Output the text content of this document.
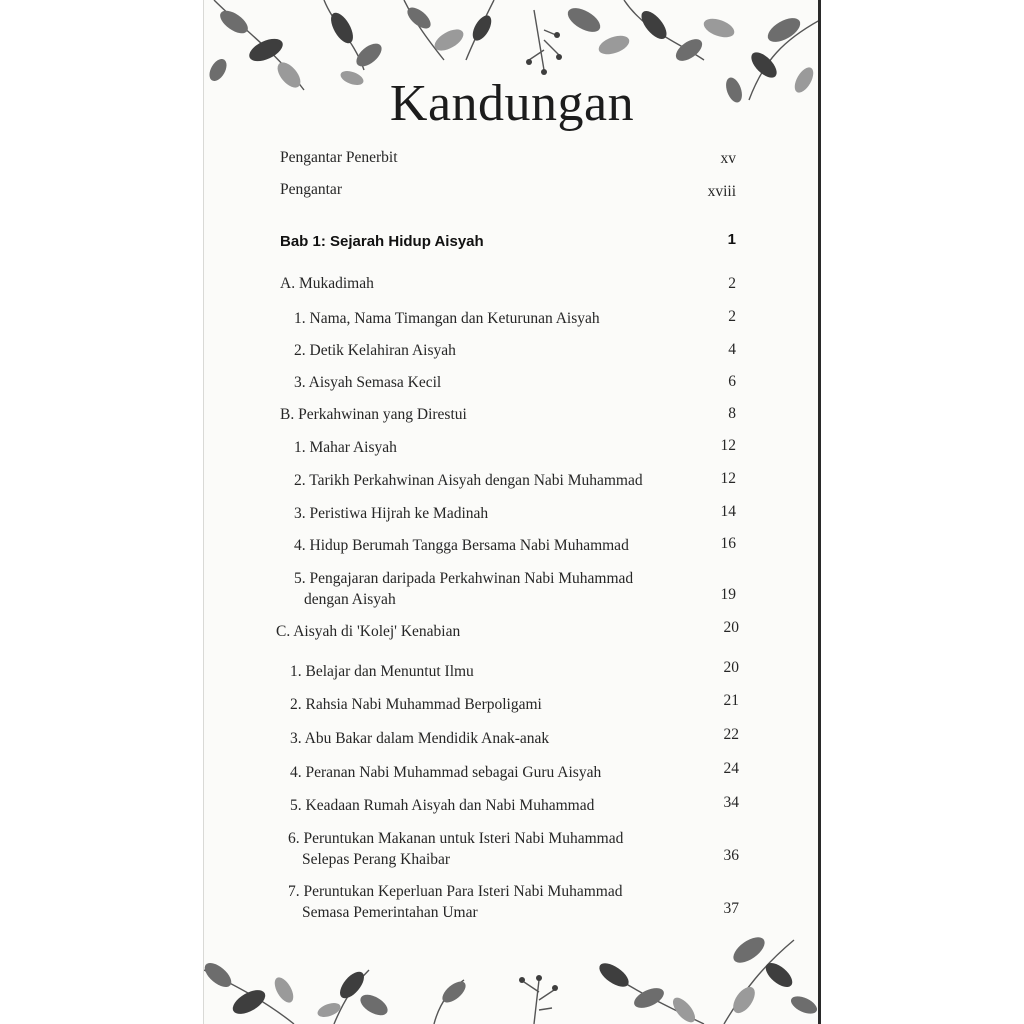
Kandungan
Pengantar Penerbit	xv
Pengantar	xviii
Bab 1: Sejarah Hidup Aisyah	1
A. Mukadimah	2
1. Nama, Nama Timangan dan Keturunan Aisyah	2
2. Detik Kelahiran Aisyah	4
3. Aisyah Semasa Kecil	6
B. Perkahwinan yang Direstui	8
1. Mahar Aisyah	12
2. Tarikh Perkahwinan Aisyah dengan Nabi Muhammad	12
3. Peristiwa Hijrah ke Madinah	14
4. Hidup Berumah Tangga Bersama Nabi Muhammad	16
5. Pengajaran daripada Perkahwinan Nabi Muhammad
dengan Aisyah	19
C. Aisyah di 'Kolej' Kenabian	20
1. Belajar dan Menuntut Ilmu	20
2. Rahsia Nabi Muhammad Berpoligami	21
3. Abu Bakar dalam Mendidik Anak-anak	22
4. Peranan Nabi Muhammad sebagai Guru Aisyah	24
5. Keadaan Rumah Aisyah dan Nabi Muhammad	34
6. Peruntukan Makanan untuk Isteri Nabi Muhammad
Selepas Perang Khaibar	36
7. Peruntukan Keperluan Para Isteri Nabi Muhammad
Semasa Pemerintahan Umar	37
